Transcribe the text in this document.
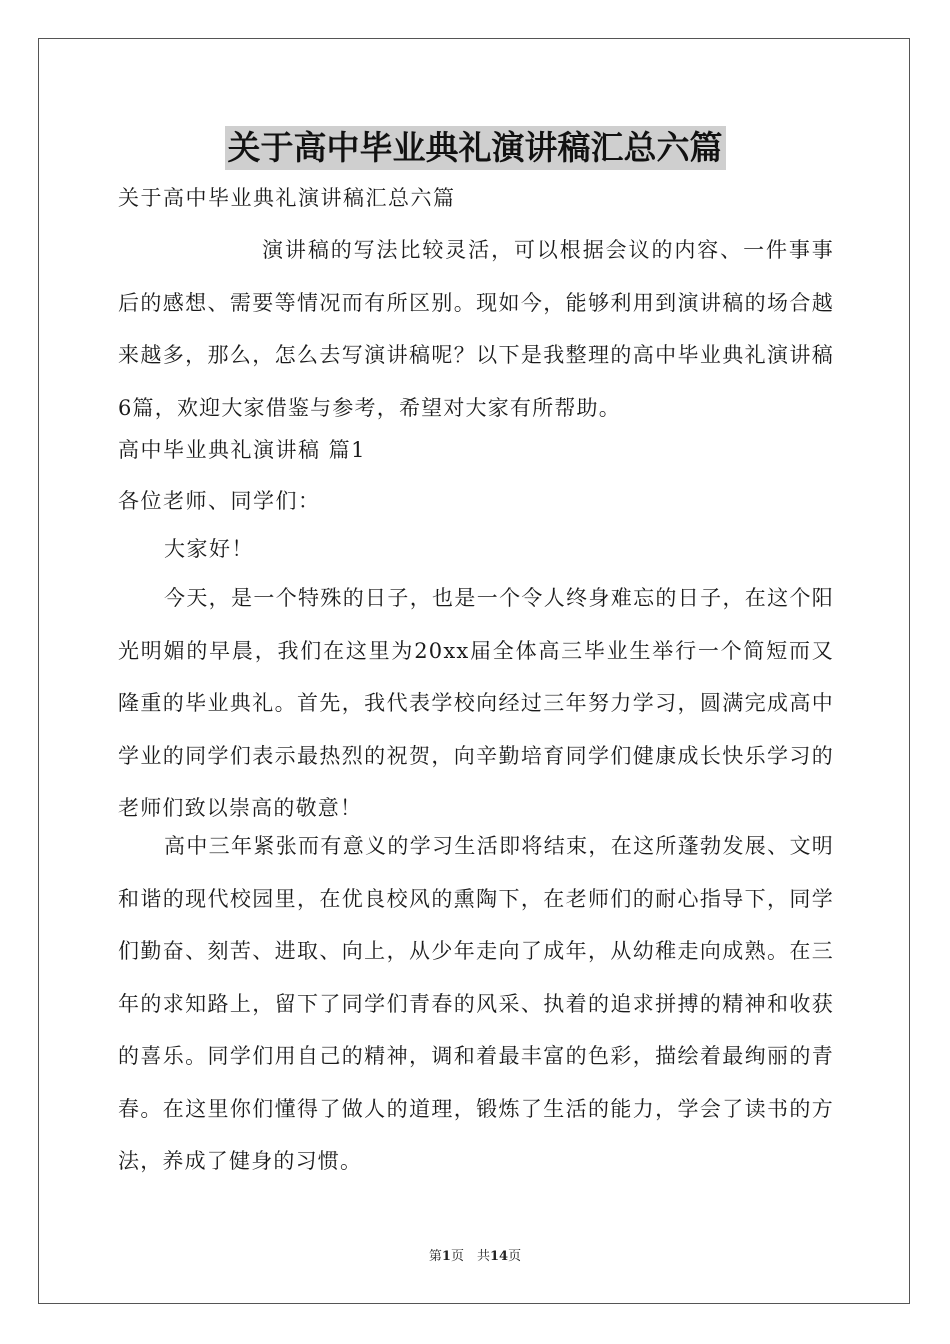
关于高中毕业典礼演讲稿汇总六篇
关于高中毕业典礼演讲稿汇总六篇
演讲稿的写法比较灵活，可以根据会议的内容、一件事事后的感想、需要等情况而有所区别。现如今，能够利用到演讲稿的场合越来越多，那么，怎么去写演讲稿呢？以下是我整理的高中毕业典礼演讲稿6篇，欢迎大家借鉴与参考，希望对大家有所帮助。
高中毕业典礼演讲稿 篇1
各位老师、同学们：
大家好！
今天，是一个特殊的日子，也是一个令人终身难忘的日子，在这个阳光明媚的早晨，我们在这里为20xx届全体高三毕业生举行一个简短而又隆重的毕业典礼。首先，我代表学校向经过三年努力学习，圆满完成高中学业的同学们表示最热烈的祝贺，向辛勤培育同学们健康成长快乐学习的老师们致以崇高的敬意！
高中三年紧张而有意义的学习生活即将结束，在这所蓬勃发展、文明和谐的现代校园里，在优良校风的熏陶下，在老师们的耐心指导下，同学们勤奋、刻苦、进取、向上，从少年走向了成年，从幼稚走向成熟。在三年的求知路上，留下了同学们青春的风采、执着的追求拼搏的精神和收获的喜乐。同学们用自己的精神，调和着最丰富的色彩，描绘着最绚丽的青春。在这里你们懂得了做人的道理，锻炼了生活的能力，学会了读书的方法，养成了健身的习惯。
第1页　共14页
